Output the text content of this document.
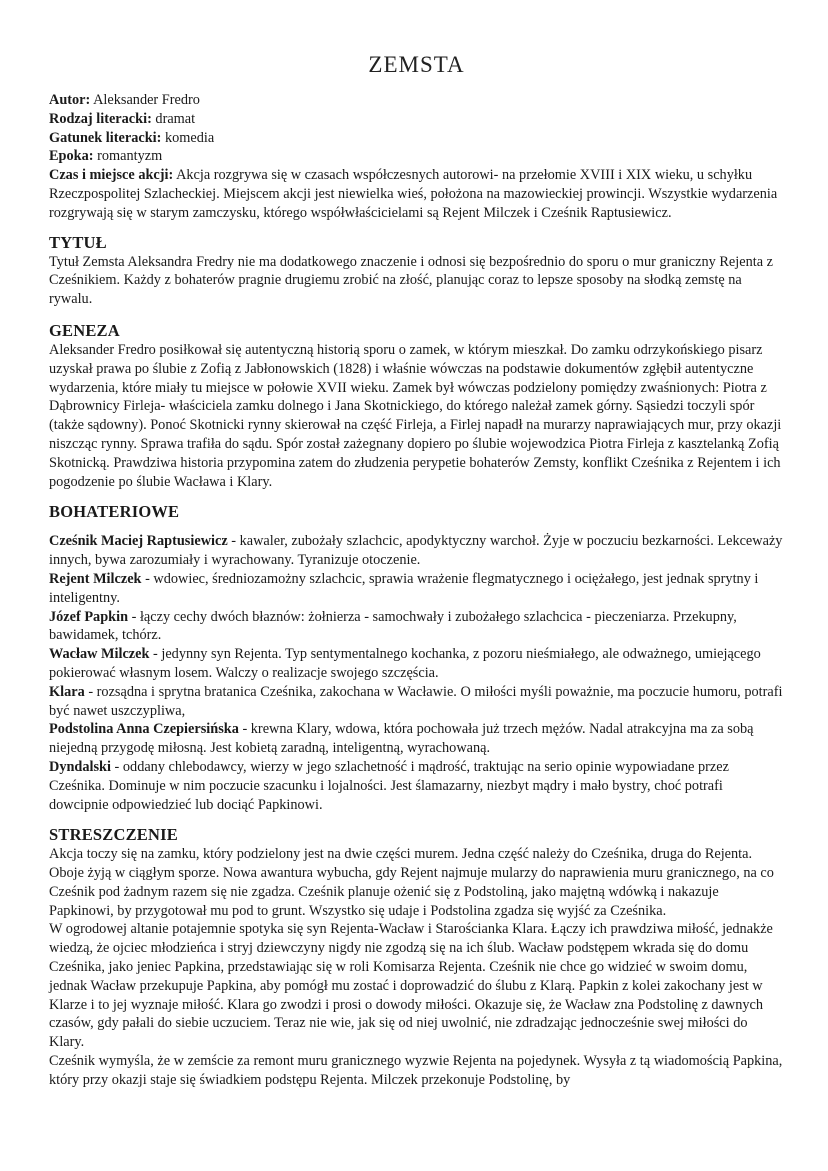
ZEMSTA

Autor: Aleksander Fredro

Rodzaj literacki: dramat

Gatunek literacki: komedia

Epoka: romantyzm

Czas i miejsce akcji: Akcja rozgrywa się w czasach współczesnych autorowi- na przełomie XVIII i XIX wieku, u schyłku Rzeczpospolitej Szlacheckiej. Miejscem akcji jest niewielka wieś, położona na mazowieckiej prowincji. Wszystkie wydarzenia rozgrywają się w starym zamczysku, którego współwłaścicielami są Rejent Milczek i Cześnik Raptusiewicz.

TYTUŁ

Tytuł Zemsta Aleksandra Fredry nie ma dodatkowego znaczenie i odnosi się bezpośrednio do sporu o mur graniczny Rejenta z Cześnikiem. Każdy z bohaterów pragnie drugiemu zrobić na złość, planując coraz to lepsze sposoby na słodką zemstę na rywalu.

GENEZA

Aleksander Fredro posiłkował się autentyczną historią sporu o zamek, w którym mieszkał. Do zamku odrzykońskiego pisarz uzyskał prawa po ślubie z Zofią z Jabłonowskich (1828) i właśnie wówczas na podstawie dokumentów zgłębił autentyczne wydarzenia, które miały tu miejsce w połowie XVII wieku. Zamek był wówczas podzielony pomiędzy zwaśnionych: Piotra z Dąbrownicy Firleja- właściciela zamku dolnego i Jana Skotnickiego, do którego należał zamek górny. Sąsiedzi toczyli spór (także sądowny). Ponoć Skotnicki rynny skierował na część Firleja, a Firlej napadł na murarzy naprawiających mur, przy okazji niszcząc rynny. Sprawa trafiła do sądu. Spór został zażegnany dopiero po ślubie wojewodzica Piotra Firleja z kasztelanką Zofią Skotnicką. Prawdziwa historia przypomina zatem do złudzenia perypetie bohaterów Zemsty, konflikt Cześnika z Rejentem i ich pogodzenie po ślubie Wacława i Klary.

BOHATERIOWE

Cześnik Maciej Raptusiewicz - kawaler, zubożały szlachcic, apodyktyczny warchoł. Żyje w poczuciu bezkarności. Lekceważy innych, bywa zarozumiały i wyrachowany. Tyranizuje otoczenie.

Rejent Milczek - wdowiec, średniozamożny szlachcic, sprawia wrażenie flegmatycznego i ociężałego, jest jednak sprytny i inteligentny.

Józef Papkin - łączy cechy dwóch błaznów: żołnierza - samochwały i zubożałego szlachcica - pieczeniarza. Przekupny, bawidamek, tchórz.

Wacław Milczek - jedynny syn Rejenta. Typ sentymentalnego kochanka, z pozoru nieśmiałego, ale odważnego, umiejącego pokierować własnym losem. Walczy o realizacje swojego szczęścia.

Klara - rozsądna i sprytna bratanica Cześnika, zakochana w Wacławie. O miłości myśli poważnie, ma poczucie humoru, potrafi być nawet uszczypliwa,

Podstolina Anna Czepiersińska - krewna Klary, wdowa, która pochowała już trzech mężów. Nadal atrakcyjna ma za sobą niejedną przygodę miłosną. Jest kobietą zaradną, inteligentną, wyrachowaną.

Dyndalski - oddany chlebodawcy, wierzy w jego szlachetność i mądrość, traktując na serio opinie wypowiadane przez Cześnika. Dominuje w nim poczucie szacunku i lojalności. Jest ślamazarny, niezbyt mądry i mało bystry, choć potrafi dowcipnie odpowiedzieć lub dociąć Papkinowi.

STRESZCZENIE

Akcja toczy się na zamku, który podzielony jest na dwie części murem. Jedna część należy do Cześnika, druga do Rejenta. Oboje żyją w ciągłym sporze. Nowa awantura wybucha, gdy Rejent najmuje mularzy do naprawienia muru granicznego, na co Cześnik pod żadnym razem się nie zgadza. Cześnik planuje ożenić się z Podstoliną, jako majętną wdówką i nakazuje Papkinowi, by przygotował mu pod to grunt. Wszystko się udaje i Podstolina zgadza się wyjść za Cześnika.

W ogrodowej altanie potajemnie spotyka się syn Rejenta-Wacław i Starościanka Klara. Łączy ich prawdziwa miłość, jednakże wiedzą, że ojciec młodzieńca i stryj dziewczyny nigdy nie zgodzą się na ich ślub. Wacław podstępem wkrada się do domu Cześnika, jako jeniec Papkina, przedstawiając się w roli Komisarza Rejenta. Cześnik nie chce go widzieć w swoim domu, jednak Wacław przekupuje Papkina, aby pomógł mu zostać i doprowadzić do ślubu z Klarą. Papkin z kolei zakochany jest w Klarze i to jej wyznaje miłość. Klara go zwodzi i prosi o dowody miłości. Okazuje się, że Wacław zna Podstolinę z dawnych czasów, gdy pałali do siebie uczuciem. Teraz nie wie, jak się od niej uwolnić, nie zdradzając jednocześnie swej miłości do Klary.

Cześnik wymyśla, że w zemście za remont muru granicznego wyzwie Rejenta na pojedynek. Wysyła z tą wiadomością Papkina, który przy okazji staje się świadkiem podstępu Rejenta. Milczek przekonuje Podstolinę, by
